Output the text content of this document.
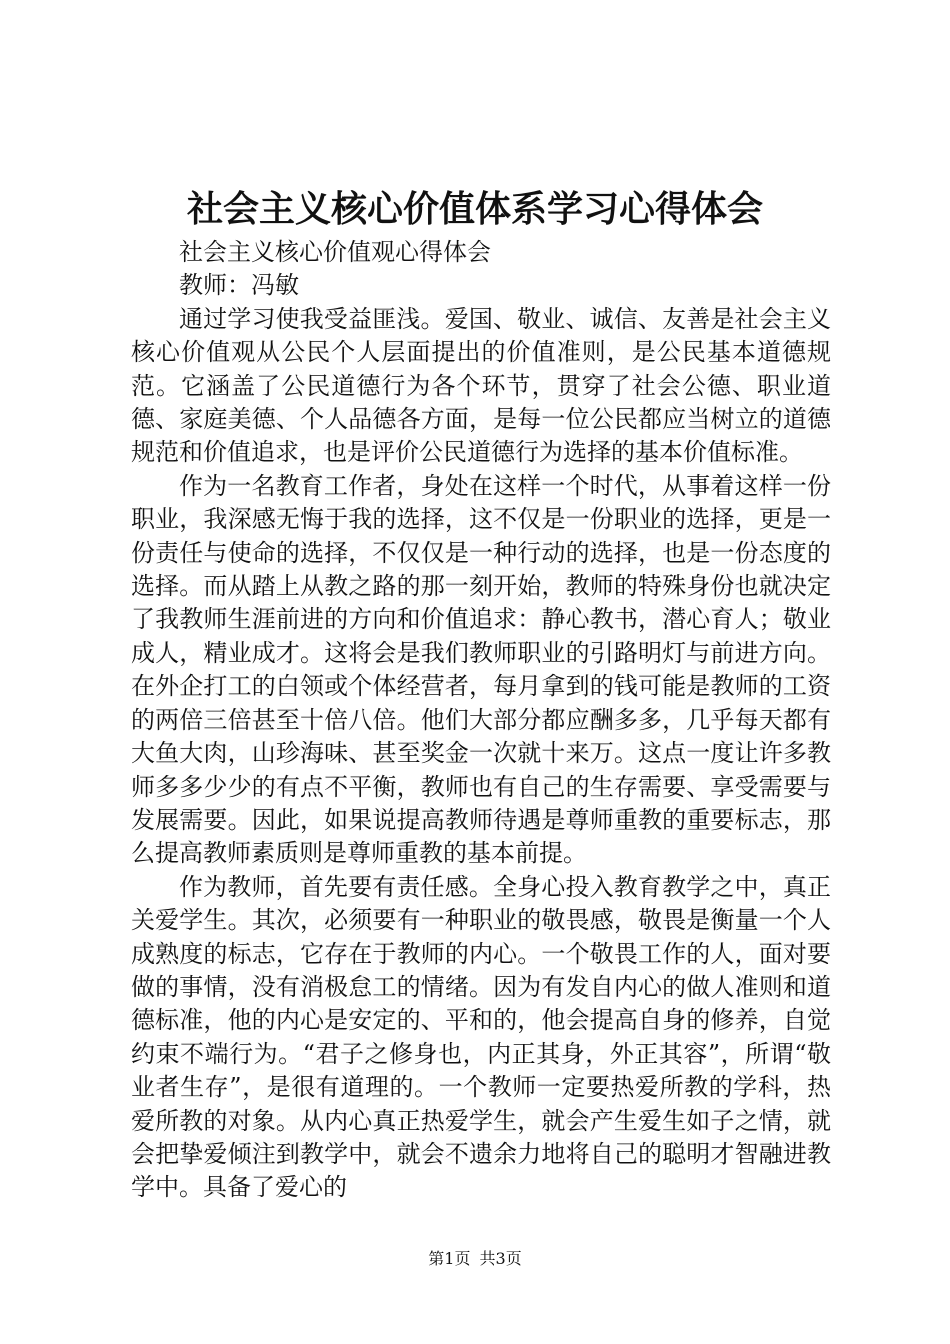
社会主义核心价值体系学习心得体会

社会主义核心价值观心得体会

教师：冯敏

通过学习使我受益匪浅。爱国、敬业、诚信、友善是社会主义核心价值观从公民个人层面提出的价值准则，是公民基本道德规范。它涵盖了公民道德行为各个环节，贯穿了社会公德、职业道德、家庭美德、个人品德各方面，是每一位公民都应当树立的道德规范和价值追求，也是评价公民道德行为选择的基本价值标准。

作为一名教育工作者，身处在这样一个时代，从事着这样一份职业，我深感无悔于我的选择，这不仅是一份职业的选择，更是一份责任与使命的选择，不仅仅是一种行动的选择，也是一份态度的选择。而从踏上从教之路的那一刻开始，教师的特殊身份也就决定了我教师生涯前进的方向和价值追求：静心教书，潜心育人；敬业成人，精业成才。这将会是我们教师职业的引路明灯与前进方向。在外企打工的白领或个体经营者，每月拿到的钱可能是教师的工资的两倍三倍甚至十倍八倍。他们大部分都应酬多多，几乎每天都有大鱼大肉，山珍海味、甚至奖金一次就十来万。这点一度让许多教师多多少少的有点不平衡，教师也有自己的生存需要、享受需要与发展需要。因此，如果说提高教师待遇是尊师重教的重要标志，那么提高教师素质则是尊师重教的基本前提。

作为教师，首先要有责任感。全身心投入教育教学之中，真正关爱学生。其次，必须要有一种职业的敬畏感，敬畏是衡量一个人成熟度的标志，它存在于教师的内心。一个敬畏工作的人，面对要做的事情，没有消极怠工的情绪。因为有发自内心的做人准则和道德标准，他的内心是安定的、平和的，他会提高自身的修养，自觉约束不端行为。“君子之修身也，内正其身，外正其容”，所谓“敬业者生存”，是很有道理的。一个教师一定要热爱所教的学科，热爱所教的对象。从内心真正热爱学生，就会产生爱生如子之情，就会把挚爱倾注到教学中，就会不遗余力地将自己的聪明才智融进教学中。具备了爱心的

第1页 共3页
